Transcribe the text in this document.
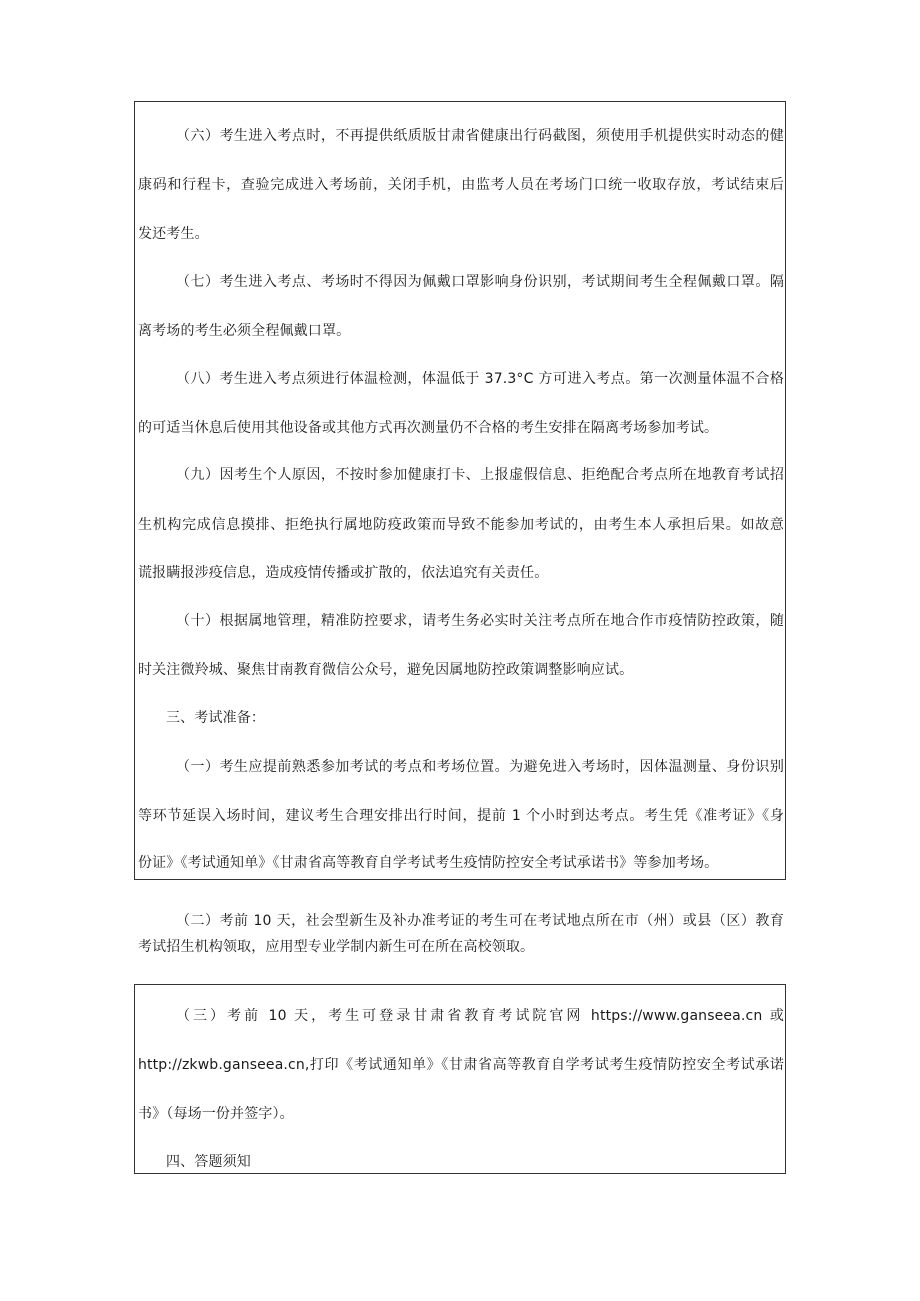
（六）考生进入考点时，不再提供纸质版甘肃省健康出行码截图，须使用手机提供实时动态的健
康码和行程卡，查验完成进入考场前，关闭手机，由监考人员在考场门口统一收取存放，考试结束后
发还考生。
（七）考生进入考点、考场时不得因为佩戴口罩影响身份识别，考试期间考生全程佩戴口罩。隔
离考场的考生必须全程佩戴口罩。
（八）考生进入考点须进行体温检测，体温低于 37.3°C 方可进入考点。第一次测量体温不合格
的可适当休息后使用其他设备或其他方式再次测量仍不合格的考生安排在隔离考场参加考试。
（九）因考生个人原因，不按时参加健康打卡、上报虚假信息、拒绝配合考点所在地教育考试招
生机构完成信息摸排、拒绝执行属地防疫政策而导致不能参加考试的，由考生本人承担后果。如故意
谎报瞒报涉疫信息，造成疫情传播或扩散的，依法追究有关责任。
（十）根据属地管理，精准防控要求，请考生务必实时关注考点所在地合作市疫情防控政策，随
时关注微羚城、聚焦甘南教育微信公众号，避免因属地防控政策调整影响应试。
三、考试准备：
（一）考生应提前熟悉参加考试的考点和考场位置。为避免进入考场时，因体温测量、身份识别
等环节延误入场时间，建议考生合理安排出行时间，提前 1 个小时到达考点。考生凭《准考证》《身
份证》《考试通知单》《甘肃省高等教育自学考试考生疫情防控安全考试承诺书》等参加考场。
（二）考前 10 天，社会型新生及补办准考证的考生可在考试地点所在市（州）或县（区）教育
考试招生机构领取，应用型专业学制内新生可在所在高校领取。
（三）考前 10 天，考生可登录甘肃省教育考试院官网 https://www.ganseea.cn 或
http://zkwb.ganseea.cn,打印《考试通知单》《甘肃省高等教育自学考试考生疫情防控安全考试承诺
书》（每场一份并签字）。
四、答题须知
